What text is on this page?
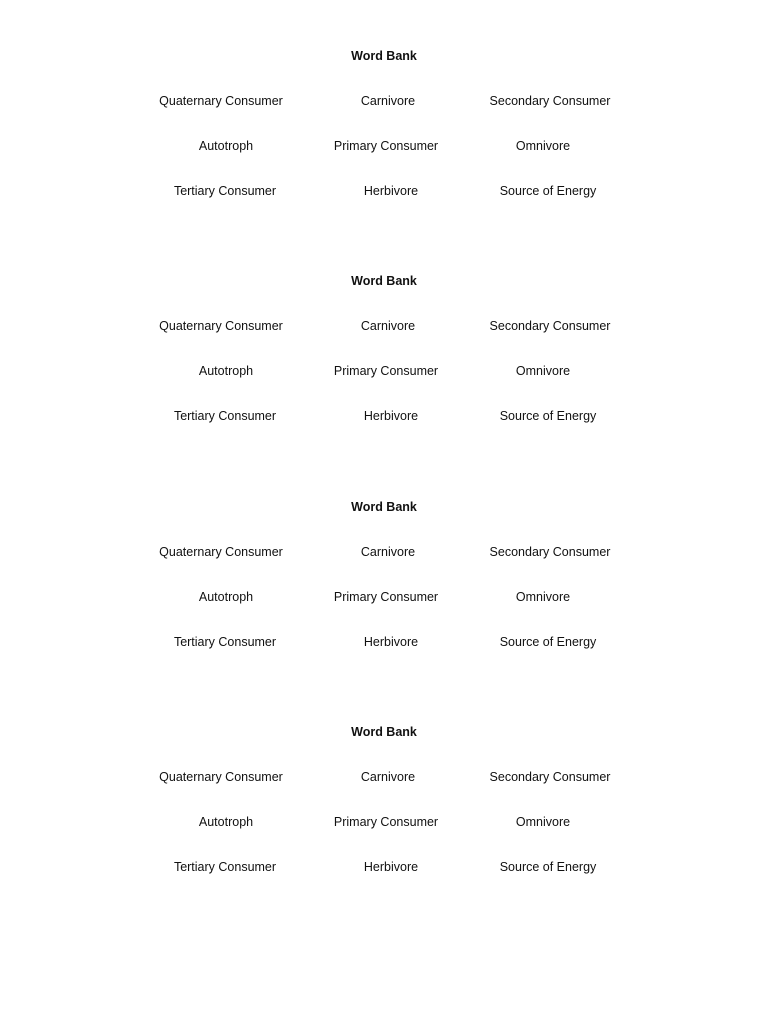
Word Bank
Quaternary Consumer	Carnivore	Secondary Consumer
Autotroph	Primary Consumer	Omnivore
Tertiary Consumer	Herbivore	Source of Energy
Word Bank
Quaternary Consumer	Carnivore	Secondary Consumer
Autotroph	Primary Consumer	Omnivore
Tertiary Consumer	Herbivore	Source of Energy
Word Bank
Quaternary Consumer	Carnivore	Secondary Consumer
Autotroph	Primary Consumer	Omnivore
Tertiary Consumer	Herbivore	Source of Energy
Word Bank
Quaternary Consumer	Carnivore	Secondary Consumer
Autotroph	Primary Consumer	Omnivore
Tertiary Consumer	Herbivore	Source of Energy
